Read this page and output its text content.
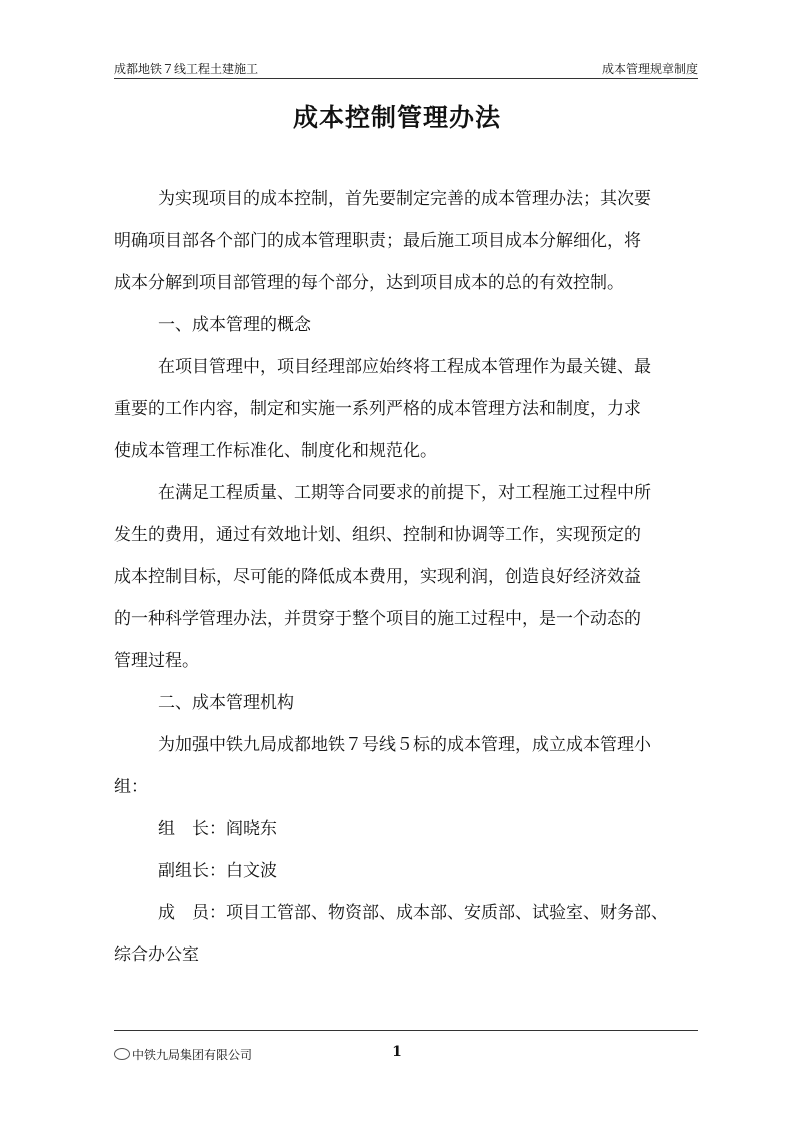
成都地铁７线工程土建施工	成本管理规章制度
成本控制管理办法
为实现项目的成本控制，首先要制定完善的成本管理办法；其次要
明确项目部各个部门的成本管理职责；最后施工项目成本分解细化，将
成本分解到项目部管理的每个部分，达到项目成本的总的有效控制。
一、成本管理的概念
在项目管理中，项目经理部应始终将工程成本管理作为最关键、最
重要的工作内容，制定和实施一系列严格的成本管理方法和制度，力求
使成本管理工作标准化、制度化和规范化。
在满足工程质量、工期等合同要求的前提下，对工程施工过程中所
发生的费用，通过有效地计划、组织、控制和协调等工作，实现预定的
成本控制目标，尽可能的降低成本费用，实现利润，创造良好经济效益
的一种科学管理办法，并贯穿于整个项目的施工过程中，是一个动态的
管理过程。
二、成本管理机构
为加强中铁九局成都地铁７号线５标的成本管理，成立成本管理小
组：
组　长：阎晓东
副组长：白文波
成　员：项目工管部、物资部、成本部、安质部、试验室、财务部、
综合办公室
中铁九局集团有限公司	1
